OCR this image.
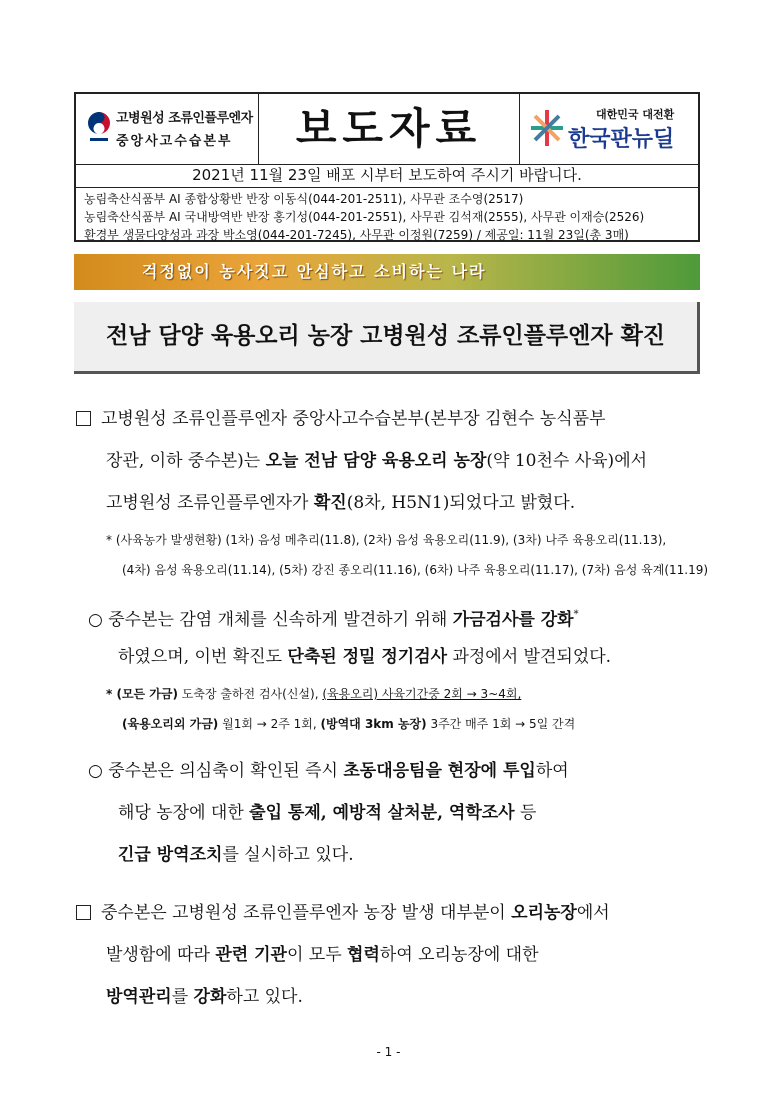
고병원성 조류인플루엔자
중앙사고수습본부	보도자료	대한민국 대전환
한국판뉴딜
2021년 11월 23일 배포 시부터 보도하여 주시기 바랍니다.
농림축산식품부 AI 종합상황반 반장 이동식(044-201-2511), 사무관 조수영(2517)
농림축산식품부 AI 국내방역반 반장 홍기성(044-201-2551), 사무관 김석재(2555), 사무관 이재승(2526)
환경부 생물다양성과 과장 박소영(044-201-7245), 사무관 이정원(7259) / 제공일: 11월 23일(총 3매)
걱정없이 농사짓고 안심하고 소비하는 나라
전남 담양 육용오리 농장 고병원성 조류인플루엔자 확진
고병원성 조류인플루엔자 중앙사고수습본부(본부장 김현수 농식품부
장관, 이하 중수본)는 오늘 전남 담양 육용오리 농장(약 10천수 사육)에서
고병원성 조류인플루엔자가 확진(8차, H5N1)되었다고 밝혔다.
* (사육농가 발생현황) (1차) 음성 메추리(11.8), (2차) 음성 육용오리(11.9), (3차) 나주 육용오리(11.13),
(4차) 음성 육용오리(11.14), (5차) 강진 종오리(11.16), (6차) 나주 육용오리(11.17), (7차) 음성 육계(11.19)
○ 중수본는 감염 개체를 신속하게 발견하기 위해 가금검사를 강화*
하였으며, 이번 확진도 단축된 정밀 정기검사 과정에서 발견되었다.
* (모든 가금) 도축장 출하전 검사(신설), (육용오리) 사육기간중 2회 → 3~4회,
(육용오리외 가금) 월1회 → 2주 1회, (방역대 3km 농장) 3주간 매주 1회 → 5일 간격
○ 중수본은 의심축이 확인된 즉시 초동대응팀을 현장에 투입하여
해당 농장에 대한 출입 통제, 예방적 살처분, 역학조사 등
긴급 방역조치를 실시하고 있다.
중수본은 고병원성 조류인플루엔자 농장 발생 대부분이 오리농장에서
발생함에 따라 관련 기관이 모두 협력하여 오리농장에 대한
방역관리를 강화하고 있다.
- 1 -
